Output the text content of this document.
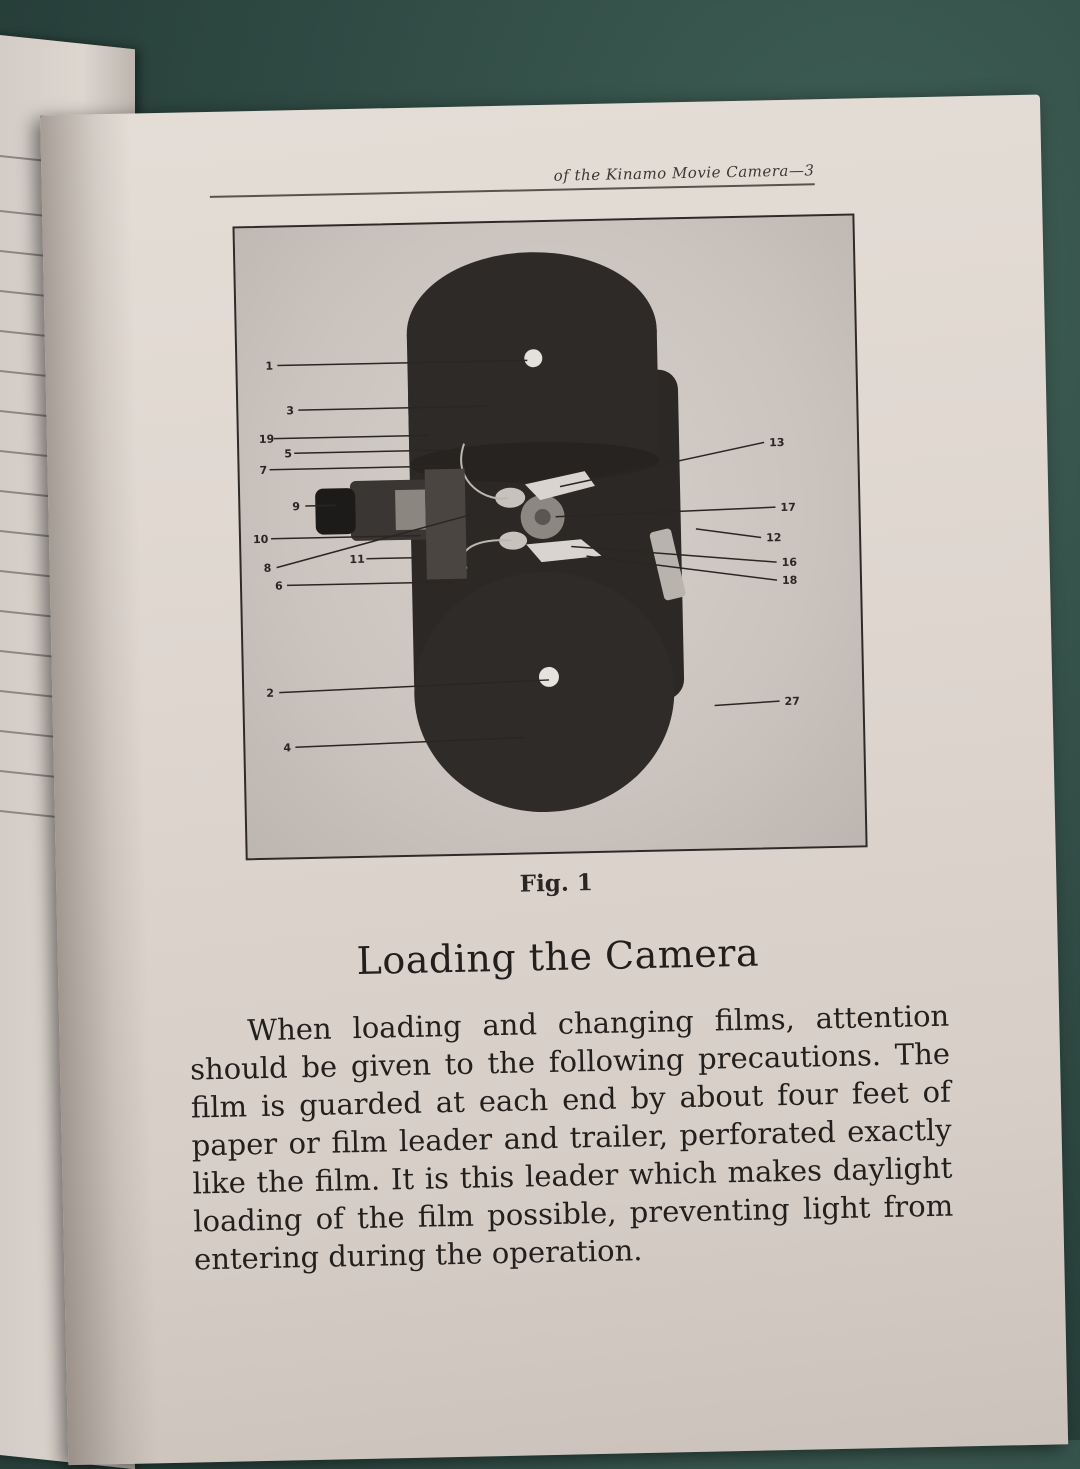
of the Kinamo Movie Camera—3
1
3
19
5
7
9
10
8
11
6
2
4
13
17
12
16
18
27
Fig. 1
Loading the Camera

When loading and changing films, attention should be given to the following precautions. The film is guarded at each end by about four feet of paper or film leader and trailer, perforated exactly like the film. It is this leader which makes daylight loading of the film possible, preventing light from entering during the operation.
